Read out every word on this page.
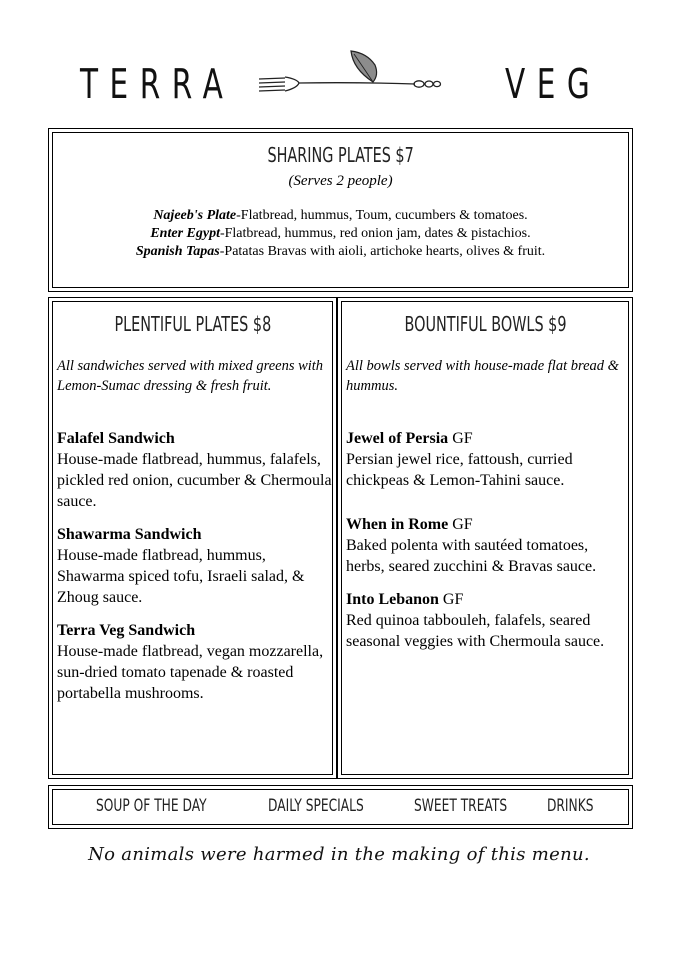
TERRA	VEG
SHARING PLATES $7
(Serves 2 people)
Najeeb's Plate-Flatbread, hummus, Toum, cucumbers & tomatoes.
Enter Egypt-Flatbread, hummus, red onion jam, dates & pistachios.
Spanish Tapas-Patatas Bravas with aioli, artichoke hearts, olives & fruit.
PLENTIFUL PLATES $8
All sandwiches served with mixed greens with Lemon-Sumac dressing & fresh fruit.
Falafel Sandwich
House-made flatbread, hummus, falafels, pickled red onion, cucumber & Chermoula sauce.
Shawarma Sandwich
House-made flatbread, hummus, Shawarma spiced tofu, Israeli salad, & Zhoug sauce.
Terra Veg Sandwich
House-made flatbread, vegan mozzarella, sun-dried tomato tapenade & roasted portabella mushrooms.
BOUNTIFUL BOWLS $9
All bowls served with house-made flat bread & hummus.
Jewel of Persia GF
Persian jewel rice, fattoush, curried chickpeas & Lemon-Tahini sauce.
When in Rome GF
Baked polenta with sautéed tomatoes, herbs, seared zucchini & Bravas sauce.
Into Lebanon GF
Red quinoa tabbouleh, falafels, seared seasonal veggies with Chermoula sauce.
SOUP OF THE DAY	DAILY SPECIALS	SWEET TREATS DRINKS
No animals were harmed in the making of this menu.
